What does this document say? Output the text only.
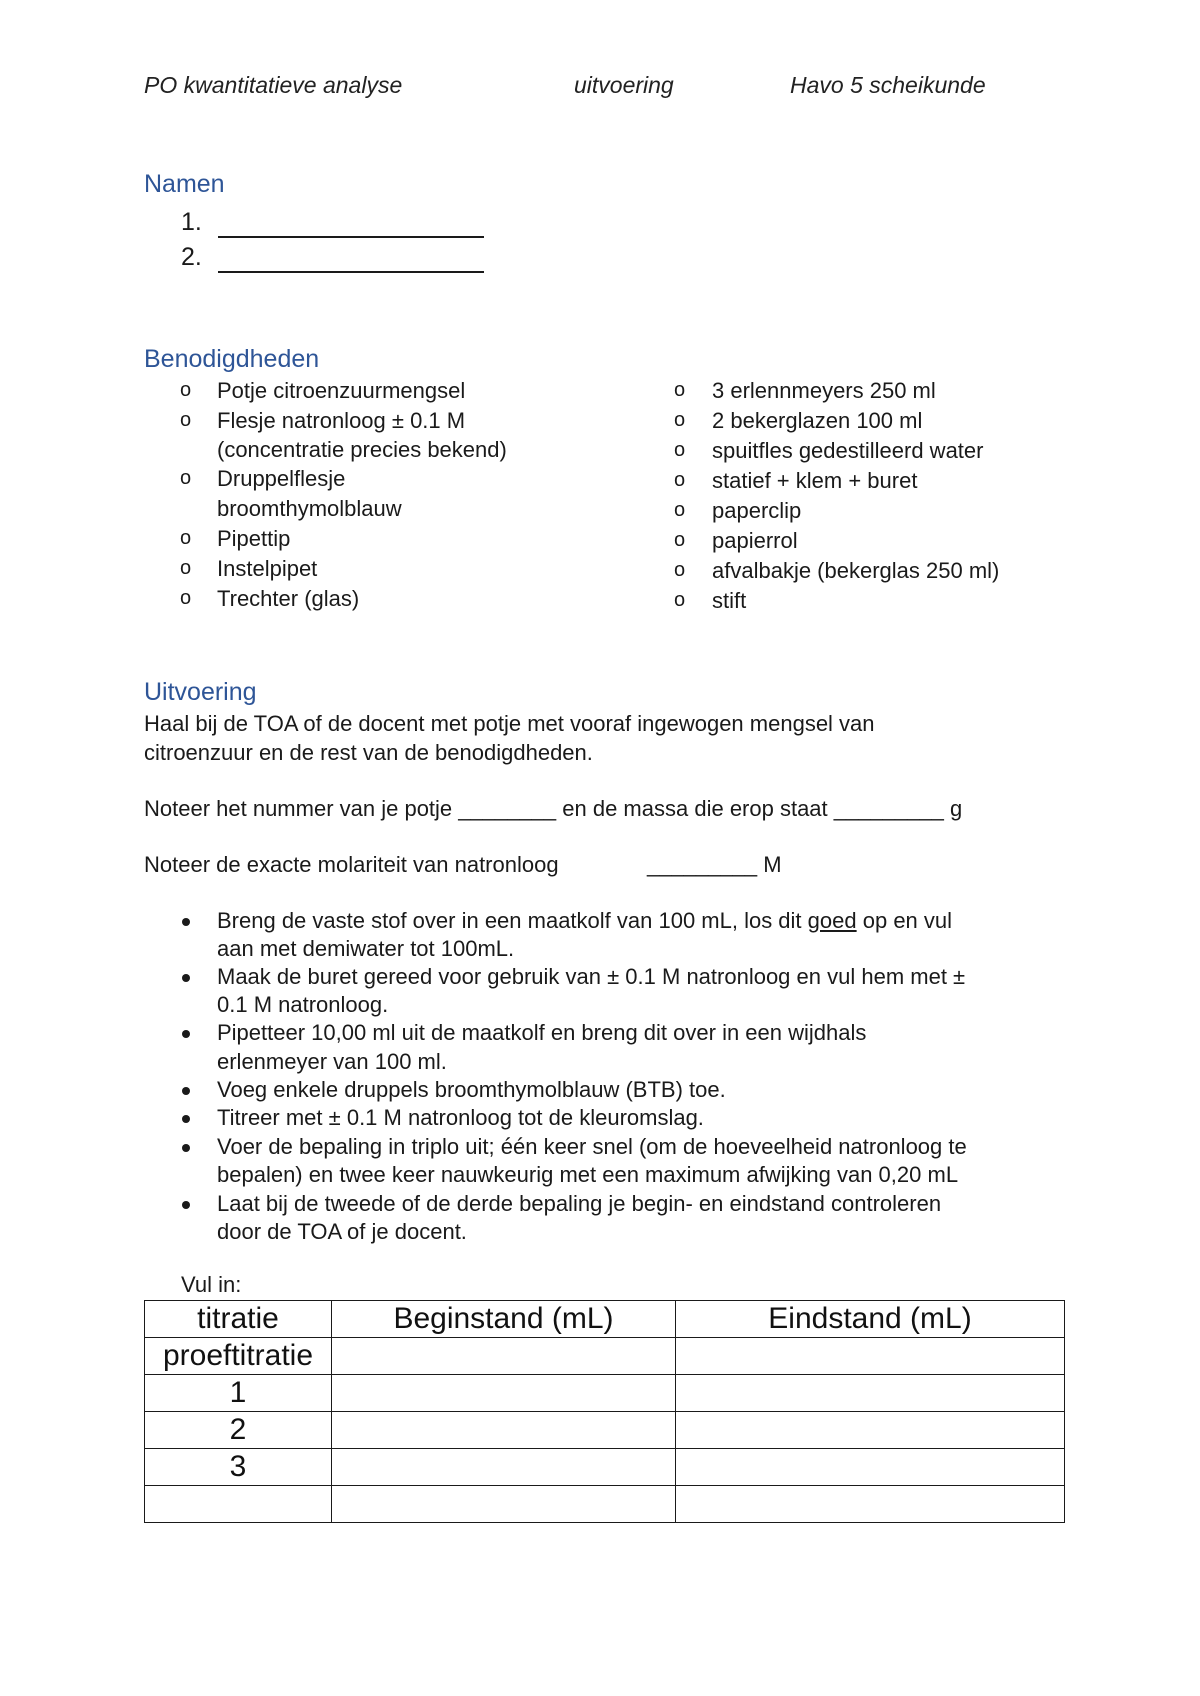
PO kwantitatieve analyse	uitvoering	Havo 5 scheikunde
Namen
1.
2.
Benodigdheden
o Potje citroenzuurmengsel
o Flesje natronloog ± 0.1 M
(concentratie precies bekend)
o Druppelflesje
broomthymolblauw
o Pipettip
o Instelpipet
o Trechter (glas)
o 3 erlennmeyers 250 ml
o 2 bekerglazen 100 ml
o spuitfles gedestilleerd water
o statief + klem + buret
o paperclip
o papierrol
o afvalbakje (bekerglas 250 ml)
o stift
Uitvoering
Haal bij de TOA of de docent met potje met vooraf ingewogen mengsel van
citroenzuur en de rest van de benodigdheden.
Noteer het nummer van je potje ________ en de massa die erop staat _________ g
Noteer de exacte molariteit van natronloog	_________ M
Breng de vaste stof over in een maatkolf van 100 mL, los dit goed op en vul
aan met demiwater tot 100mL.
Maak de buret gereed voor gebruik van ± 0.1 M natronloog en vul hem met ±
0.1 M natronloog.
Pipetteer 10,00 ml uit de maatkolf en breng dit over in een wijdhals
erlenmeyer van 100 ml.
Voeg enkele druppels broomthymolblauw (BTB) toe.
Titreer met ± 0.1 M natronloog tot de kleuromslag.
Voer de bepaling in triplo uit; één keer snel (om de hoeveelheid natronloog te
bepalen) en twee keer nauwkeurig met een maximum afwijking van 0,20 mL
Laat bij de tweede of de derde bepaling je begin- en eindstand controleren
door de TOA of je docent.
Vul in:
titratie	Beginstand (mL)	Eindstand (mL)
proeftitratie		
1		
2		
3		
